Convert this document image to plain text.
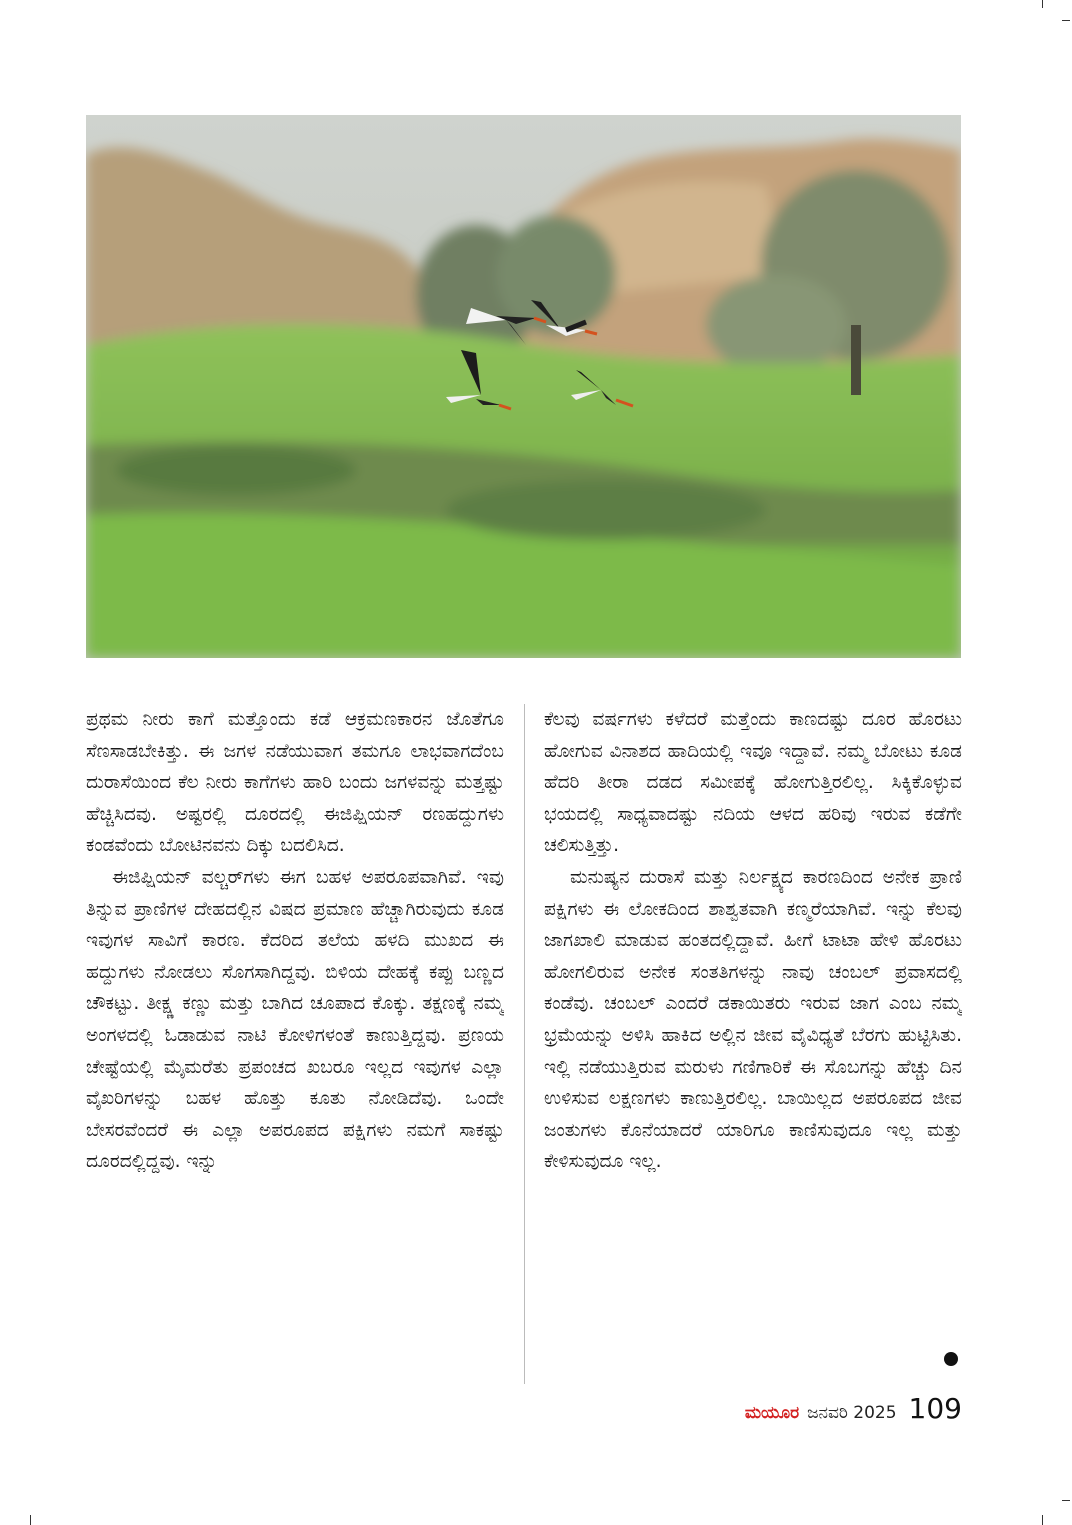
ಪ್ರಥಮ ನೀರು ಕಾಗೆ ಮತ್ತೊಂದು ಕಡೆ ಆಕ್ರಮಣಕಾರನ ಜೊತೆಗೂ ಸೆಣಸಾಡಬೇಕಿತ್ತು. ಈ ಜಗಳ ನಡೆಯುವಾಗ ತಮಗೂ ಲಾಭವಾಗದೆಂಬ ದುರಾಸೆಯಿಂದ ಕೆಲ ನೀರು ಕಾಗೆಗಳು ಹಾರಿ ಬಂದು ಜಗಳವನ್ನು ಮತ್ತಷ್ಟು ಹೆಚ್ಚಿಸಿದವು. ಅಷ್ಟರಲ್ಲಿ ದೂರದಲ್ಲಿ ಈಜಿಪ್ಷಿಯನ್ ರಣಹದ್ದುಗಳು ಕಂಡವೆಂದು ಬೋಟಿನವನು ದಿಕ್ಕು ಬದಲಿಸಿದ.

ಈಜಿಪ್ಷಿಯನ್ ವಲ್ಚರ್‌ಗಳು ಈಗ ಬಹಳ ಅಪರೂಪವಾಗಿವೆ. ಇವು ತಿನ್ನುವ ಪ್ರಾಣಿಗಳ ದೇಹದಲ್ಲಿನ ವಿಷದ ಪ್ರಮಾಣ ಹೆಚ್ಚಾಗಿರುವುದು ಕೂಡ ಇವುಗಳ ಸಾವಿಗೆ ಕಾರಣ. ಕೆದರಿದ ತಲೆಯ ಹಳದಿ ಮುಖದ ಈ ಹದ್ದುಗಳು ನೋಡಲು ಸೊಗಸಾಗಿದ್ದವು. ಬಿಳಿಯ ದೇಹಕ್ಕೆ ಕಪ್ಪು ಬಣ್ಣದ ಚೌಕಟ್ಟು. ತೀಕ್ಷ್ಣ ಕಣ್ಣು ಮತ್ತು ಬಾಗಿದ ಚೂಪಾದ ಕೊಕ್ಕು. ತಕ್ಷಣಕ್ಕೆ ನಮ್ಮ ಅಂಗಳದಲ್ಲಿ ಓಡಾಡುವ ನಾಟಿ ಕೋಳಿಗಳಂತೆ ಕಾಣುತ್ತಿದ್ದವು. ಪ್ರಣಯ ಚೇಷ್ಟೆಯಲ್ಲಿ ಮೈಮರೆತು ಪ್ರಪಂಚದ ಖಬರೂ ಇಲ್ಲದ ಇವುಗಳ ಎಲ್ಲಾ ವೈಖರಿಗಳನ್ನು ಬಹಳ ಹೊತ್ತು ಕೂತು ನೋಡಿದೆವು. ಒಂದೇ ಬೇಸರವೆಂದರೆ ಈ ಎಲ್ಲಾ ಅಪರೂಪದ ಪಕ್ಷಿಗಳು ನಮಗೆ ಸಾಕಷ್ಟು ದೂರದಲ್ಲಿದ್ದವು. ಇನ್ನು

ಕೆಲವು ವರ್ಷಗಳು ಕಳೆದರೆ ಮತ್ತೆಂದು ಕಾಣದಷ್ಟು ದೂರ ಹೊರಟು ಹೋಗುವ ವಿನಾಶದ ಹಾದಿಯಲ್ಲಿ ಇವೂ ಇದ್ದಾವೆ. ನಮ್ಮ ಬೋಟು ಕೂಡ ಹೆದರಿ ತೀರಾ ದಡದ ಸಮೀಪಕ್ಕೆ ಹೋಗುತ್ತಿರಲಿಲ್ಲ. ಸಿಕ್ಕಿಕೊಳ್ಳುವ ಭಯದಲ್ಲಿ ಸಾಧ್ಯವಾದಷ್ಟು ನದಿಯ ಆಳದ ಹರಿವು ಇರುವ ಕಡೆಗೇ ಚಲಿಸುತ್ತಿತ್ತು.

ಮನುಷ್ಯನ ದುರಾಸೆ ಮತ್ತು ನಿರ್ಲಕ್ಷ್ಯದ ಕಾರಣದಿಂದ ಅನೇಕ ಪ್ರಾಣಿ ಪಕ್ಷಿಗಳು ಈ ಲೋಕದಿಂದ ಶಾಶ್ವತವಾಗಿ ಕಣ್ಮರೆಯಾಗಿವೆ. ಇನ್ನು ಕೆಲವು ಜಾಗಖಾಲಿ ಮಾಡುವ ಹಂತದಲ್ಲಿದ್ದಾವೆ. ಹೀಗೆ ಟಾಟಾ ಹೇಳಿ ಹೊರಟು ಹೋಗಲಿರುವ ಅನೇಕ ಸಂತತಿಗಳನ್ನು ನಾವು ಚಂಬಲ್ ಪ್ರವಾಸದಲ್ಲಿ ಕಂಡೆವು. ಚಂಬಲ್ ಎಂದರೆ ಡಕಾಯಿತರು ಇರುವ ಜಾಗ ಎಂಬ ನಮ್ಮ ಭ್ರಮೆಯನ್ನು ಅಳಿಸಿ ಹಾಕಿದ ಅಲ್ಲಿನ ಜೀವ ವೈವಿಧ್ಯತೆ ಬೆರಗು ಹುಟ್ಟಿಸಿತು. ಇಲ್ಲಿ ನಡೆಯುತ್ತಿರುವ ಮರುಳು ಗಣಿಗಾರಿಕೆ ಈ ಸೊಬಗನ್ನು ಹೆಚ್ಚು ದಿನ ಉಳಿಸುವ ಲಕ್ಷಣಗಳು ಕಾಣುತ್ತಿರಲಿಲ್ಲ. ಬಾಯಿಲ್ಲದ ಅಪರೂಪದ ಜೀವ ಜಂತುಗಳು ಕೊನೆಯಾದರೆ ಯಾರಿಗೂ ಕಾಣಿಸುವುದೂ ಇಲ್ಲ ಮತ್ತು ಕೇಳಿಸುವುದೂ ಇಲ್ಲ.

ಮಯೂರ ಜನವರಿ 2025 109
